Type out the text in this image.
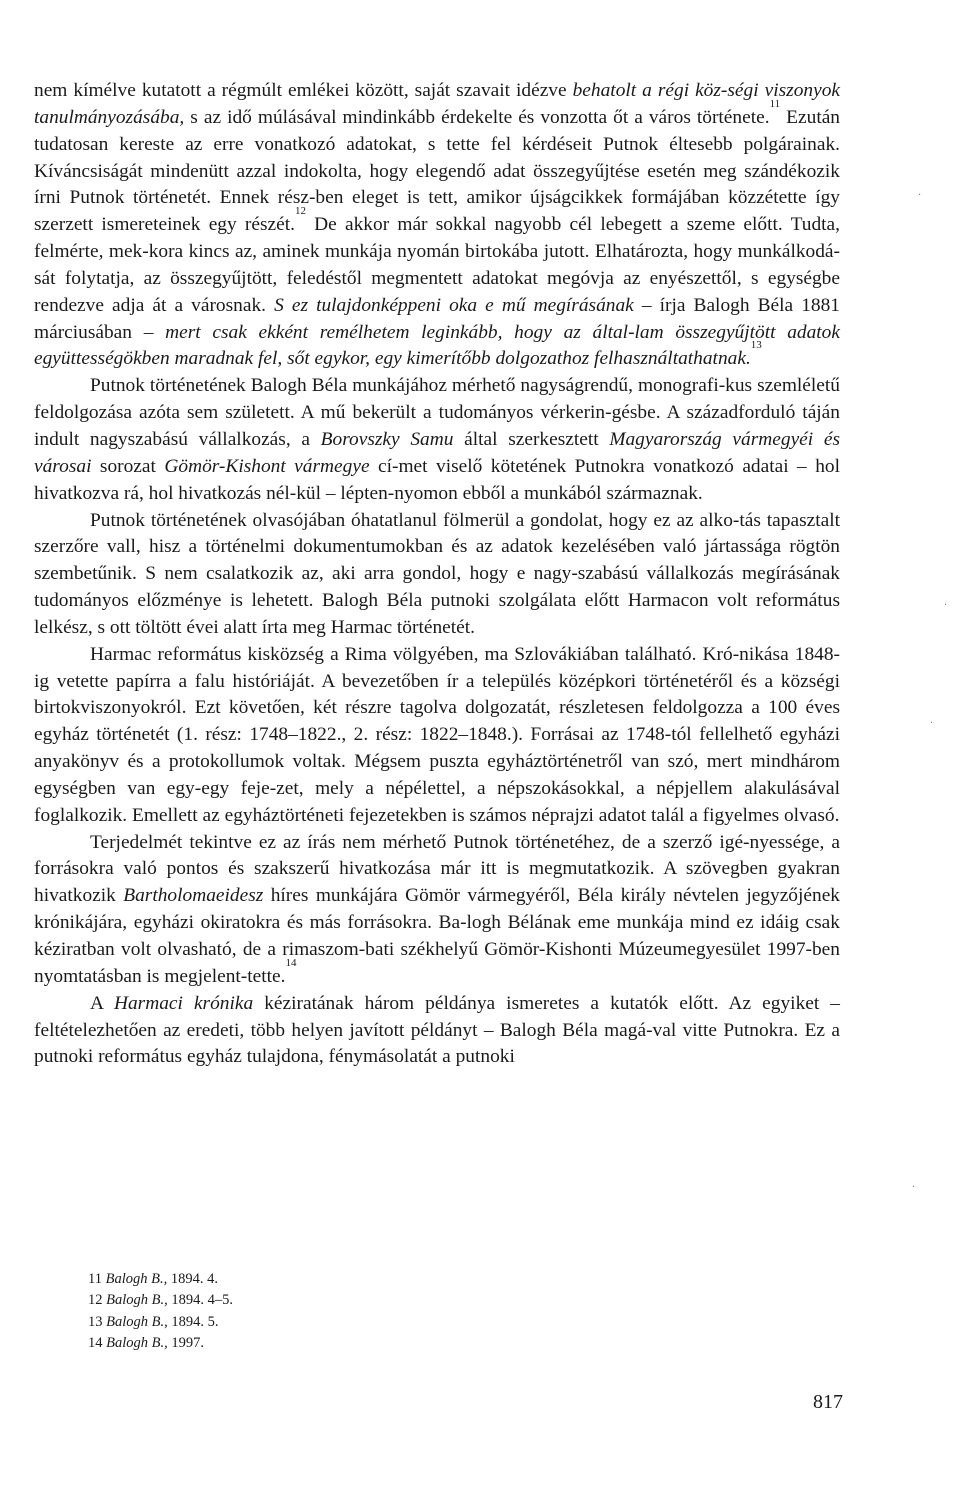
nem kímélve kutatott a régmúlt emlékei között, saját szavait idézve behatolt a régi köz-ségi viszonyok tanulmányozásába, s az idő múlásával mindinkább érdekelte és vonzotta őt a város története.$^{11}$ Ezután tudatosan kereste az erre vonatkozó adatokat, s tette fel kérdéseit Putnok éltesebb polgárainak. Kíváncsiságát mindenütt azzal indokolta, hogy elegendő adat összegyűjtése esetén meg szándékozik írni Putnok történetét. Ennek rész-ben eleget is tett, amikor újságcikkek formájában közzétette így szerzett ismereteinek egy részét.$^{12}$ De akkor már sokkal nagyobb cél lebegett a szeme előtt. Tudta, felmérte, mek-kora kincs az, aminek munkája nyomán birtokába jutott. Elhatározta, hogy munkálkodá-sát folytatja, az összegyűjtött, feledéstől megmentett adatokat megóvja az enyészettől, s egységbe rendezve adja át a városnak. S ez tulajdonképpeni oka e mű megírásának – írja Balogh Béla 1881 márciusában – mert csak ekként remélhetem leginkább, hogy az által-lam összegyűjtött adatok együttességökben maradnak fel, sőt egykor, egy kimerítőbb dolgozathoz felhasználtathatnak.$^{13}$

Putnok történetének Balogh Béla munkájához mérhető nagyságrendű, monografi-kus szemléletű feldolgozása azóta sem született. A mű bekerült a tudományos vérkerin-gésbe. A századforduló táján indult nagyszabású vállalkozás, a Borovszky Samu által szerkesztett Magyarország vármegyéi és városai sorozat Gömör-Kishont vármegye cí-met viselő kötetének Putnokra vonatkozó adatai – hol hivatkozva rá, hol hivatkozás nél-kül – lépten-nyomon ebből a munkából származnak.

Putnok történetének olvasójában óhatatlanul fölmerül a gondolat, hogy ez az alko-tás tapasztalt szerzőre vall, hisz a történelmi dokumentumokban és az adatok kezelésében való jártassága rögtön szembetűnik. S nem csalatkozik az, aki arra gondol, hogy e nagy-szabású vállalkozás megírásának tudományos előzménye is lehetett. Balogh Béla putnoki szolgálata előtt Harmacon volt református lelkész, s ott töltött évei alatt írta meg Harmac történetét.

Harmac református kisközség a Rima völgyében, ma Szlovákiában található. Kró-nikása 1848-ig vetette papírra a falu históriáját. A bevezetőben ír a település középkori történetéről és a községi birtokviszonyokról. Ezt követően, két részre tagolva dolgozatát, részletesen feldolgozza a 100 éves egyház történetét (1. rész: 1748–1822., 2. rész: 1822–1848.). Forrásai az 1748-tól fellelhető egyházi anyakönyv és a protokollumok voltak. Mégsem puszta egyháztörténetről van szó, mert mindhárom egységben van egy-egy feje-zet, mely a népélettel, a népszokásokkal, a népjellem alakulásával foglalkozik. Emellett az egyháztörténeti fejezetekben is számos néprajzi adatot talál a figyelmes olvasó.

Terjedelmét tekintve ez az írás nem mérhető Putnok történetéhez, de a szerző igé-nyessége, a forrásokra való pontos és szakszerű hivatkozása már itt is megmutatkozik. A szövegben gyakran hivatkozik Bartholomaeidesz híres munkájára Gömör vármegyéről, Béla király névtelen jegyzőjének krónikájára, egyházi okiratokra és más forrásokra. Ba-logh Bélának eme munkája mind ez idáig csak kéziratban volt olvasható, de a rimaszom-bati székhelyű Gömör-Kishonti Múzeumegyesület 1997-ben nyomtatásban is megjelent-tette.$^{14}$

A Harmaci krónika kéziratának három példánya ismeretes a kutatók előtt. Az egyiket – feltételezhetően az eredeti, több helyen javított példányt – Balogh Béla magá-val vitte Putnokra. Ez a putnoki református egyház tulajdona, fénymásolatát a putnoki

11 Balogh B., 1894. 4.
12 Balogh B., 1894. 4–5.
13 Balogh B., 1894. 5.
14 Balogh B., 1997.
817
·
·
·
·
